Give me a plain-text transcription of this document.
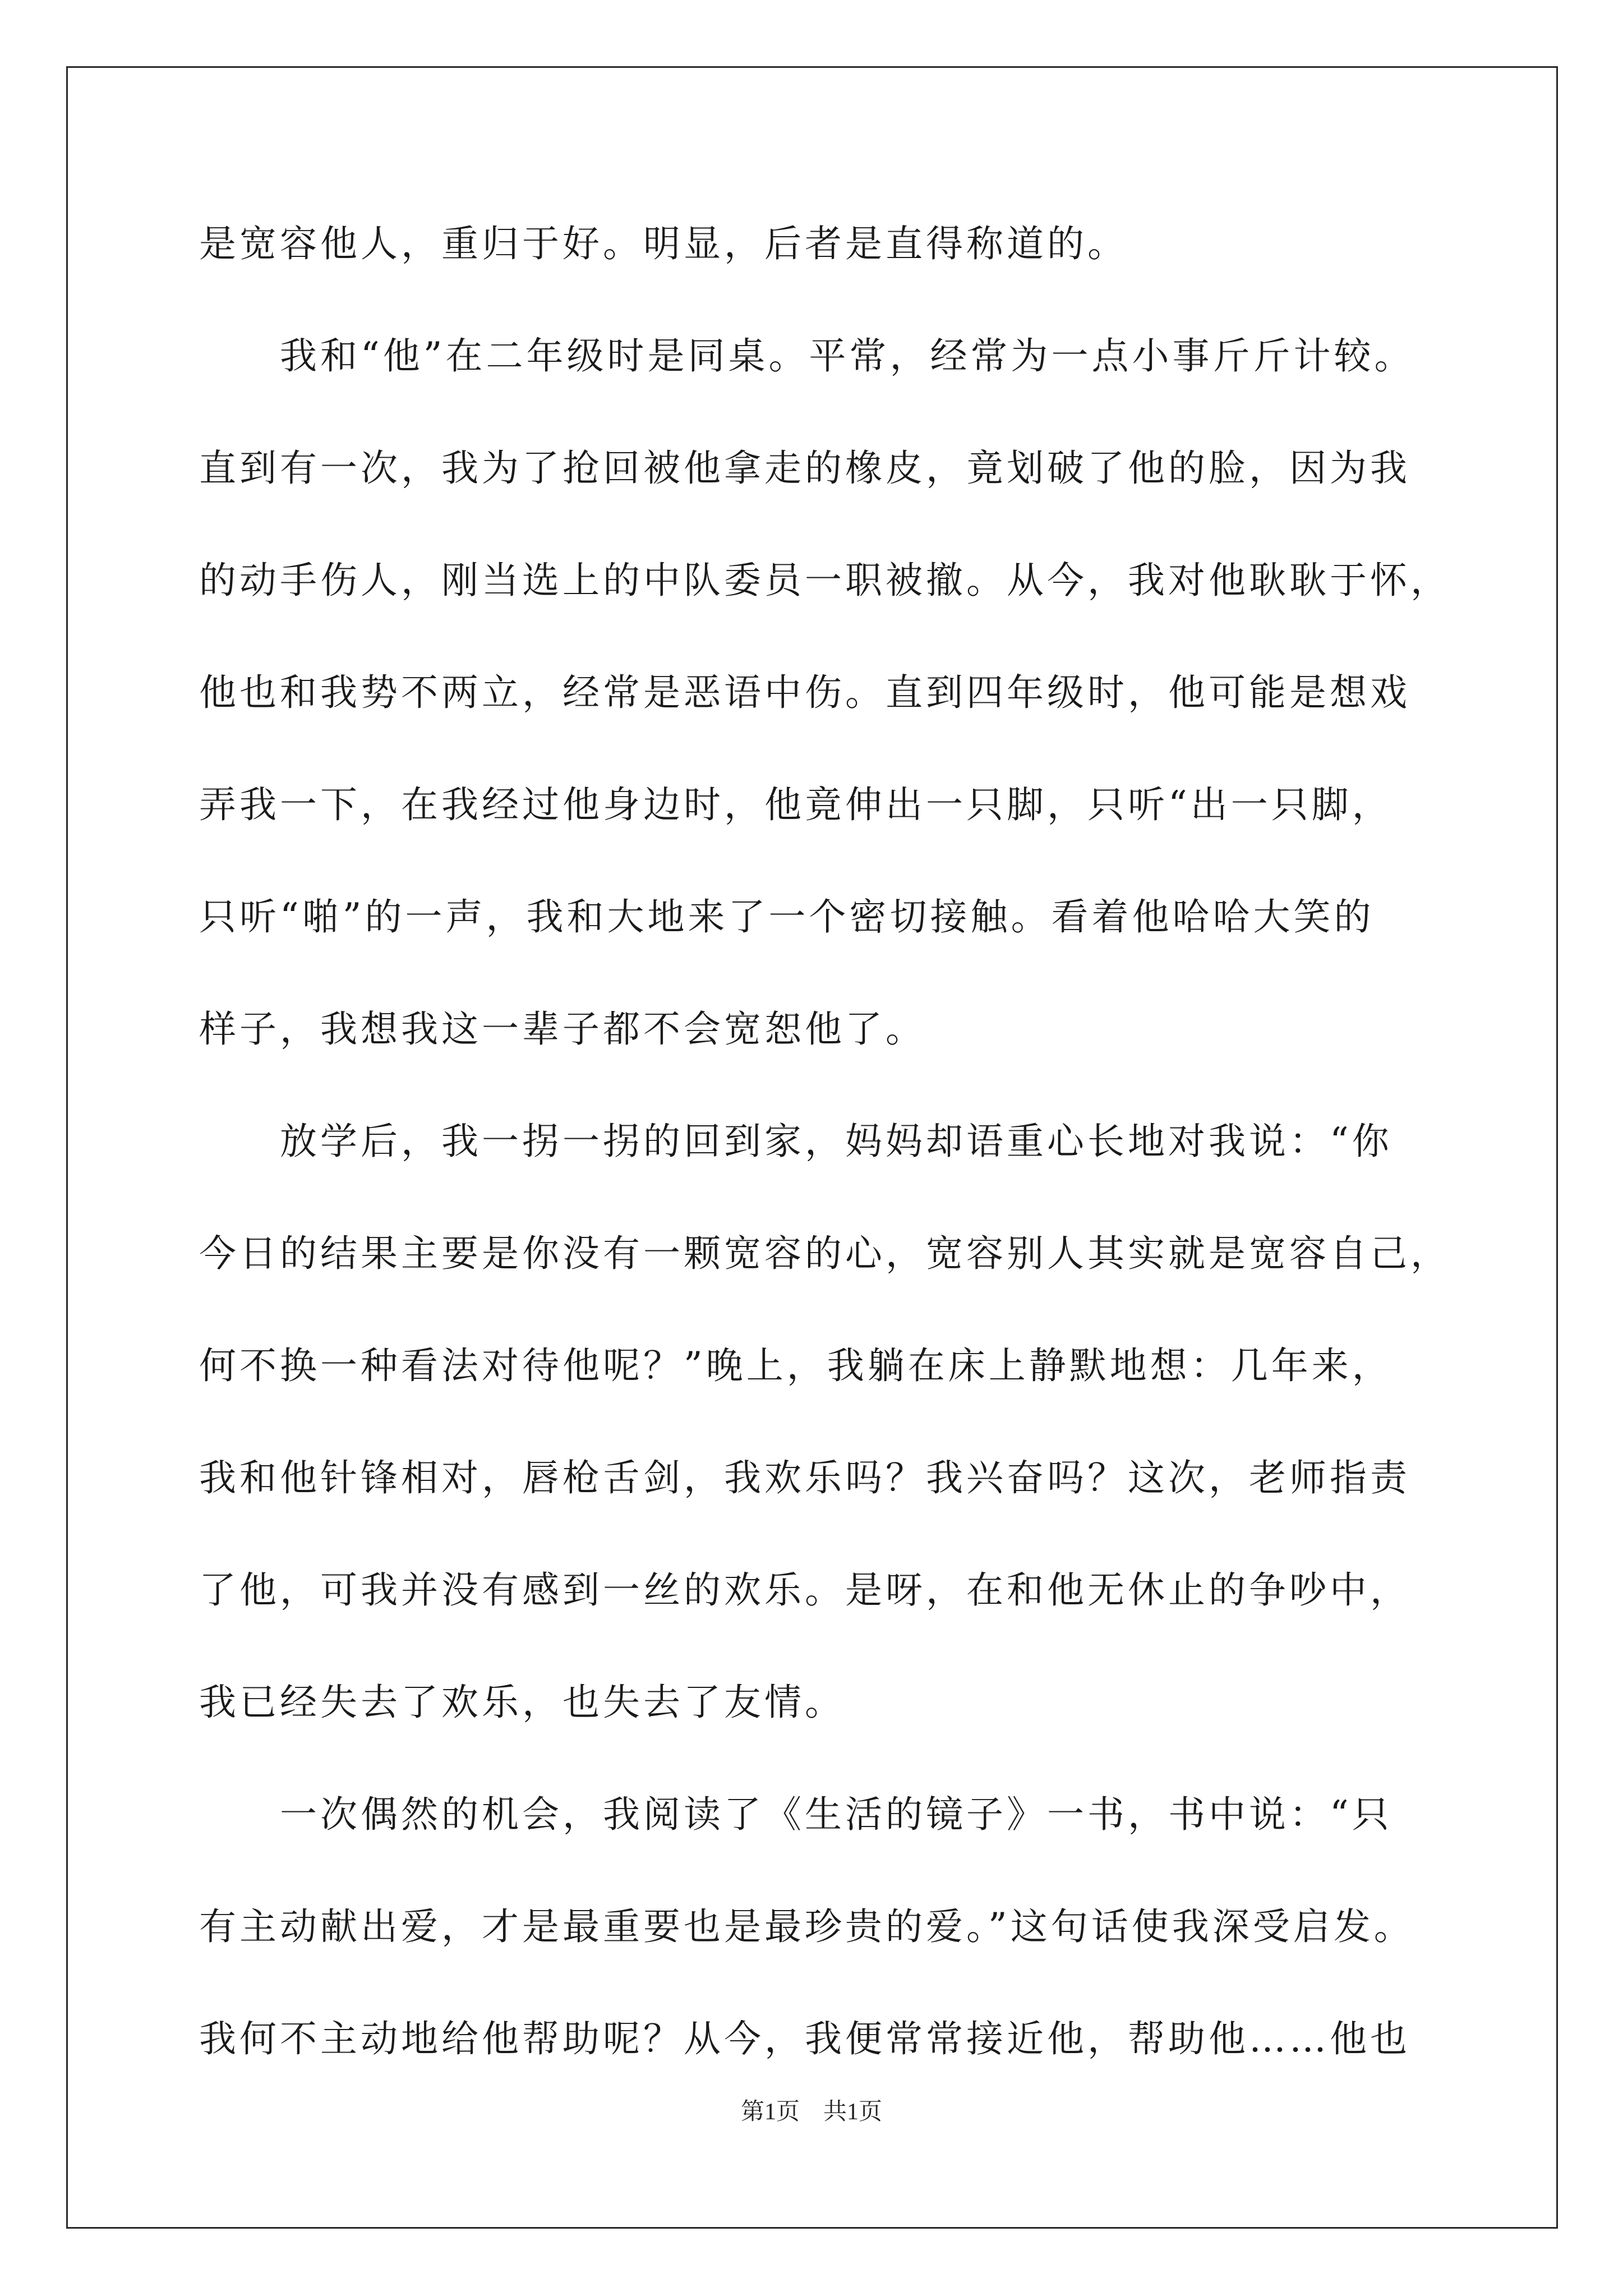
是宽容他人，重归于好。明显，后者是直得称道的。
　　我和“他”在二年级时是同桌。平常，经常为一点小事斤斤计较。
直到有一次，我为了抢回被他拿走的橡皮，竟划破了他的脸，因为我
的动手伤人，刚当选上的中队委员一职被撤。从今，我对他耿耿于怀，
他也和我势不两立，经常是恶语中伤。直到四年级时，他可能是想戏
弄我一下，在我经过他身边时，他竟伸出一只脚，只听“出一只脚，
只听“啪”的一声，我和大地来了一个密切接触。看着他哈哈大笑的
样子，我想我这一辈子都不会宽恕他了。
　　放学后，我一拐一拐的回到家，妈妈却语重心长地对我说：“你
今日的结果主要是你没有一颗宽容的心，宽容别人其实就是宽容自己，
何不换一种看法对待他呢？”晚上，我躺在床上静默地想：几年来，
我和他针锋相对，唇枪舌剑，我欢乐吗？我兴奋吗？这次，老师指责
了他，可我并没有感到一丝的欢乐。是呀，在和他无休止的争吵中，
我已经失去了欢乐，也失去了友情。
　　一次偶然的机会，我阅读了《生活的镜子》一书，书中说：“只
有主动献出爱，才是最重要也是最珍贵的爱。”这句话使我深受启发。
我何不主动地给他帮助呢？从今，我便常常接近他，帮助他……他也
第1页　共1页
